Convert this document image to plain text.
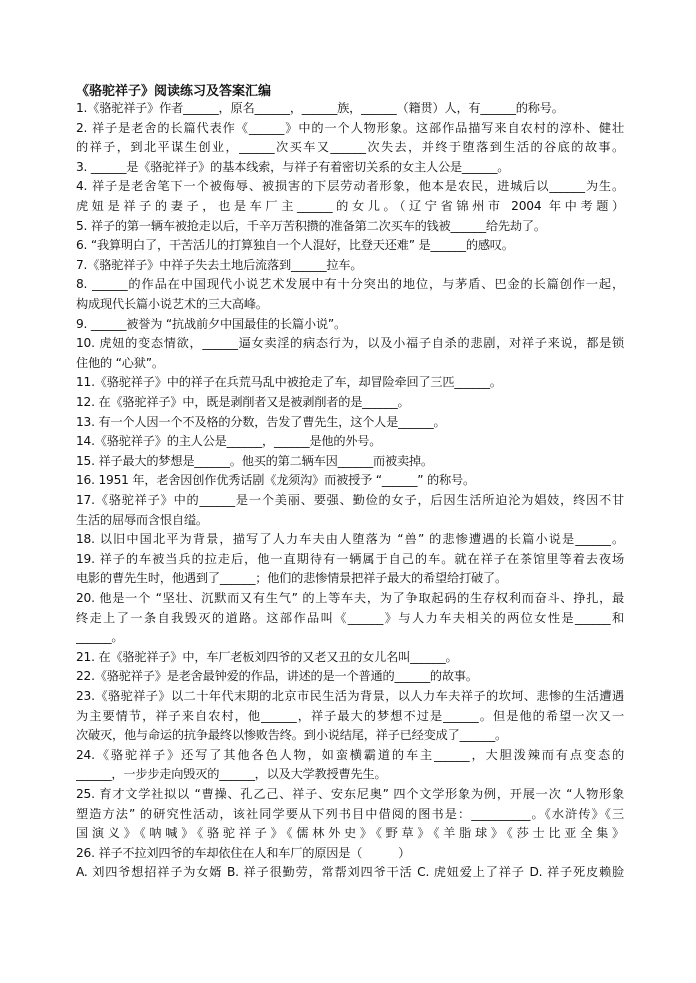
《骆驼祥子》阅读练习及答案汇编
1.《骆驼祥子》作者______，原名______，______族，______（籍贯）人，有______的称号。
2. 祥子是老舍的长篇代表作《______》中的一个人物形象。这部作品描写来自农村的淳朴、健壮
的祥子，到北平谋生创业，______次买车又______次失去，并终于堕落到生活的谷底的故事。
3. ______是《骆驼祥子》的基本线索，与祥子有着密切关系的女主人公是______。
4. 祥子是老舍笔下一个被侮辱、被损害的下层劳动者形象，他本是农民，进城后以______为生。
虎妞是祥子的妻子，也是车厂主______的女儿。（辽宁省锦州市 2004 年中考题）
5. 祥子的第一辆车被抢走以后，千辛万苦积攒的准备第二次买车的钱被______给先劫了。
6. “我算明白了，干苦活儿的打算独自一个人混好，比登天还难” 是______的感叹。
7.《骆驼祥子》中祥子失去土地后流落到______拉车。
8. ______的作品在中国现代小说艺术发展中有十分突出的地位，与茅盾、巴金的长篇创作一起，
构成现代长篇小说艺术的三大高峰。
9. ______被誉为 “抗战前夕中国最佳的长篇小说”。
10. 虎妞的变态情欲，______逼女卖淫的病态行为，以及小福子自杀的悲剧，对祥子来说，都是锁
住他的 “心狱”。
11.《骆驼祥子》中的祥子在兵荒马乱中被抢走了车，却冒险牵回了三匹______。
12. 在《骆驼祥子》中，既是剥削者又是被剥削者的是______。
13. 有一个人因一个不及格的分数，告发了曹先生，这个人是______。
14.《骆驼祥子》的主人公是______，______是他的外号。
15. 祥子最大的梦想是______。他买的第二辆车因______而被卖掉。
16. 1951 年，老舍因创作优秀话剧《龙须沟》而被授予 “______” 的称号。
17.《骆驼祥子》中的______是一个美丽、要强、勤俭的女子，后因生活所迫沦为娼妓，终因不甘
生活的屈辱而含恨自缢。
18. 以旧中国北平为背景，描写了人力车夫由人堕落为 “兽” 的悲惨遭遇的长篇小说是______。
19. 祥子的车被当兵的拉走后，他一直期待有一辆属于自己的车。就在祥子在茶馆里等着去夜场
电影的曹先生时，他遇到了______；他们的悲惨情景把祥子最大的希望给打破了。
20. 他是一个 “坚壮、沉默而又有生气” 的上等车夫，为了争取起码的生存权利而奋斗、挣扎，最
终走上了一条自我毁灭的道路。这部作品叫《______》与人力车夫相关的两位女性是______和
______。
21. 在《骆驼祥子》中，车厂老板刘四爷的又老又丑的女儿名叫______。
22.《骆驼祥子》是老舍最钟爱的作品，讲述的是一个普通的______的故事。
23.《骆驼祥子》以二十年代末期的北京市民生活为背景，以人力车夫祥子的坎坷、悲惨的生活遭遇
为主要情节，祥子来自农村，他______，祥子最大的梦想不过是______。但是他的希望一次又一
次破灭，他与命运的抗争最终以惨败告终。到小说结尾，祥子已经变成了______。
24.《骆驼祥子》还写了其他各色人物，如蛮横霸道的车主______，大胆泼辣而有点变态的
______，一步步走向毁灭的______，以及大学教授曹先生。
25. 育才文学社拟以 “曹操、孔乙己、祥子、安东尼奥” 四个文学形象为例，开展一次 “人物形象
塑造方法” 的研究性活动，该社同学要从下列书目中借阅的图书是：__________。《水浒传》《三
国演义》《呐喊》《骆驼祥子》《儒林外史》《野草》《羊脂球》《莎士比亚全集》
26. 祥子不拉刘四爷的车却依住在人和车厂的原因是（　　　）
A. 刘四爷想招祥子为女婿 B. 祥子很勤劳，常帮刘四爷干活 C. 虎妞爱上了祥子 D. 祥子死皮赖脸
